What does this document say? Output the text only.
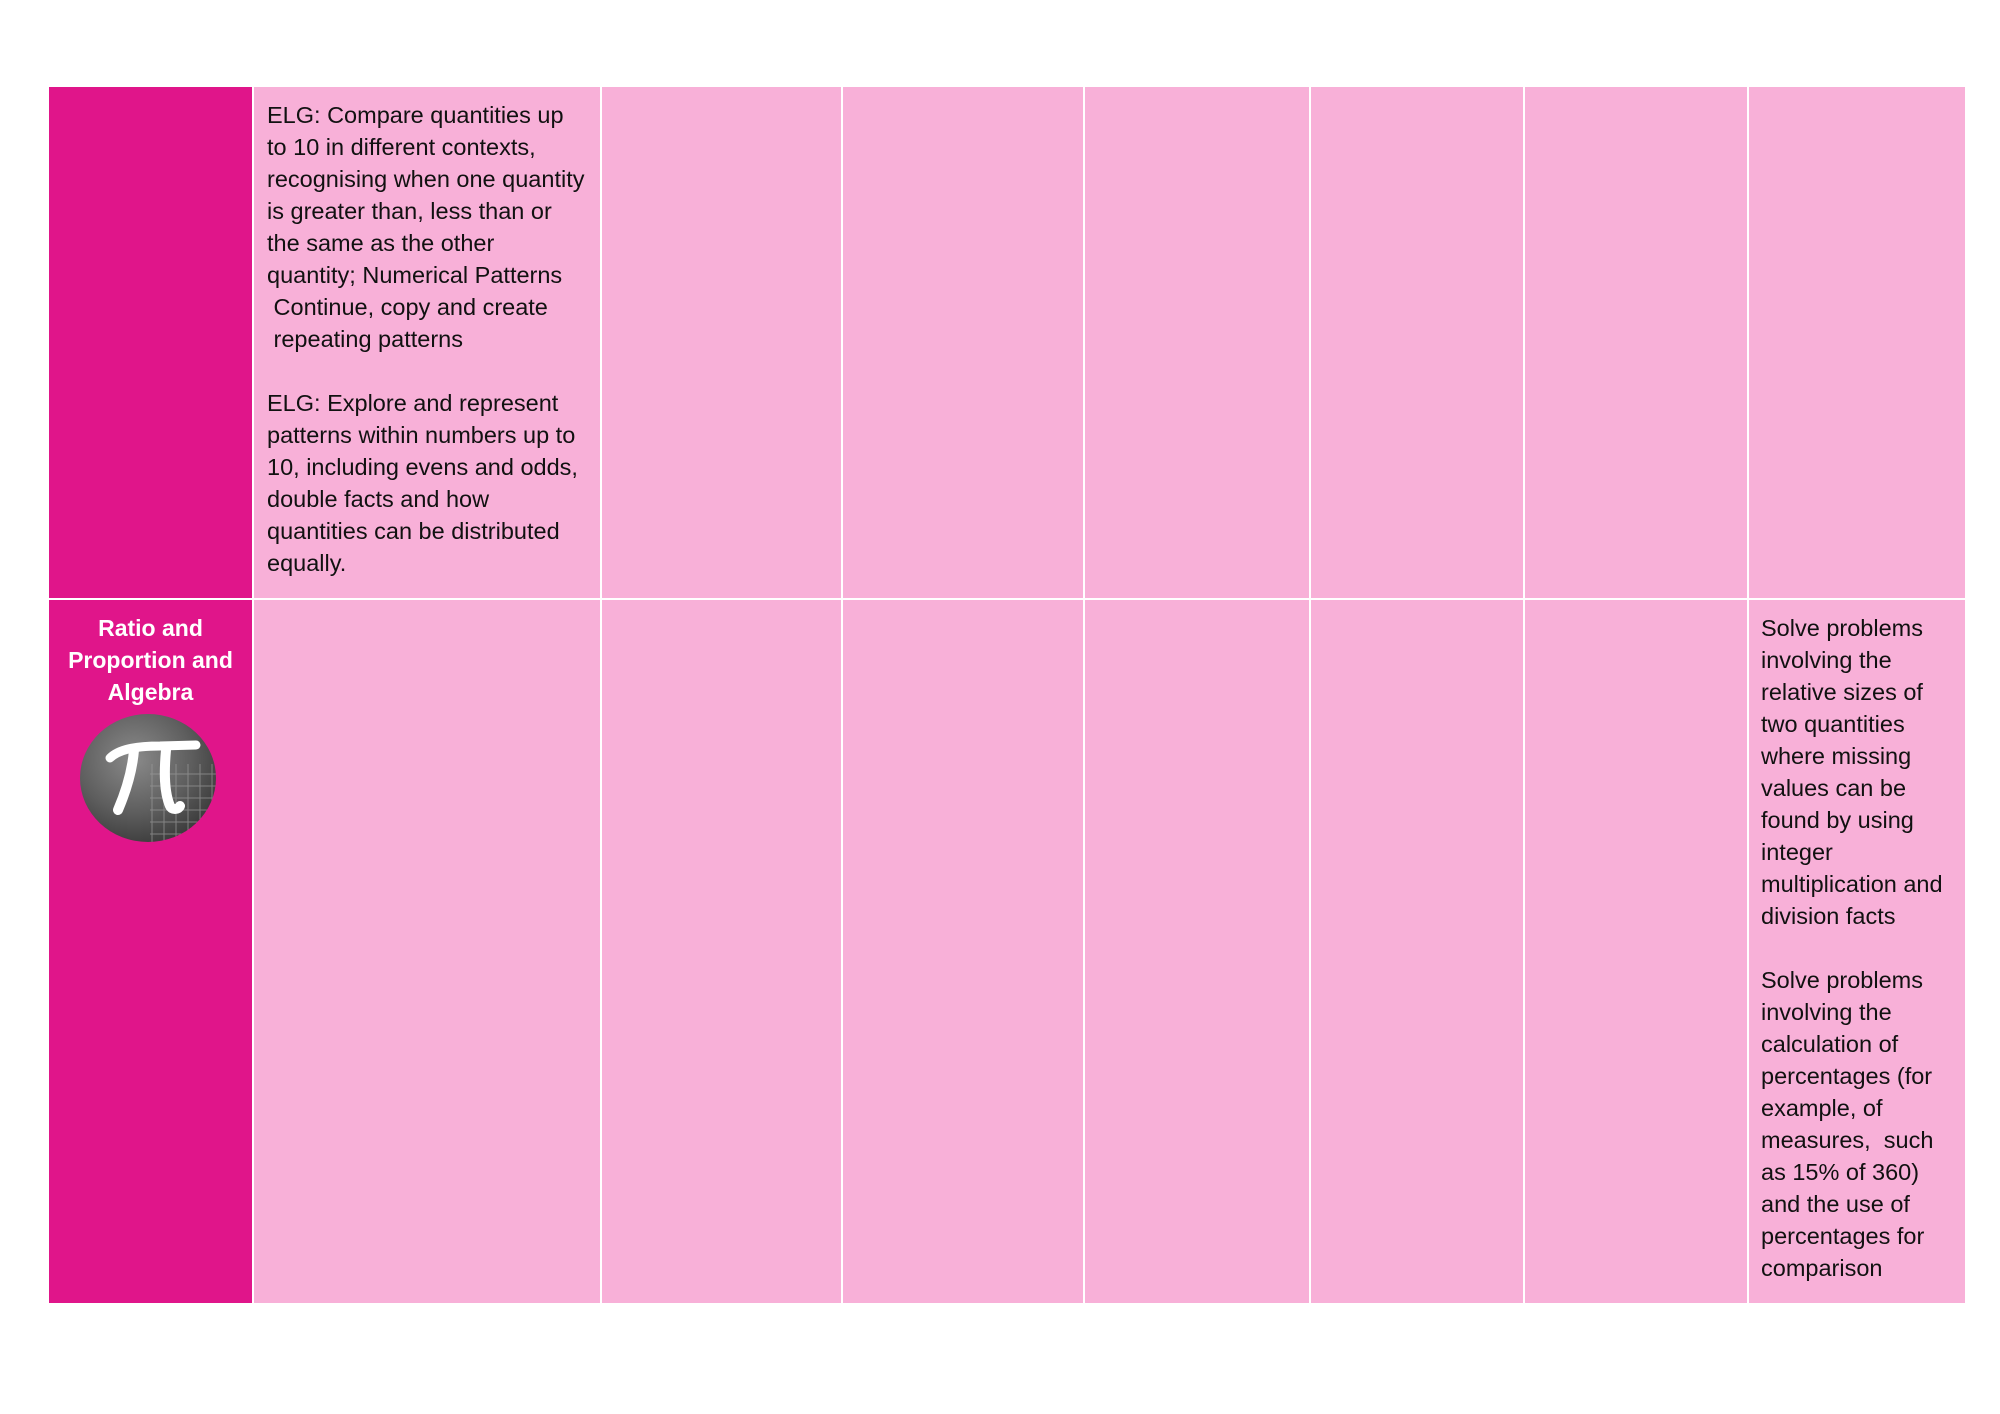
ELG: Compare quantities up to 10 in different contexts, recognising when one quantity is greater than, less than or the same as the other quantity; Numerical Patterns
Continue, copy and create
repeating patterns

ELG: Explore and represent patterns within numbers up to 10, including evens and odds, double facts and how quantities can be distributed equally.
Ratio and Proportion and Algebra
Solve problems involving the relative sizes of two quantities where missing values can be found by using integer multiplication and division facts

Solve problems involving the calculation of percentages (for example, of measures,  such as 15% of 360) and the use of percentages for comparison
